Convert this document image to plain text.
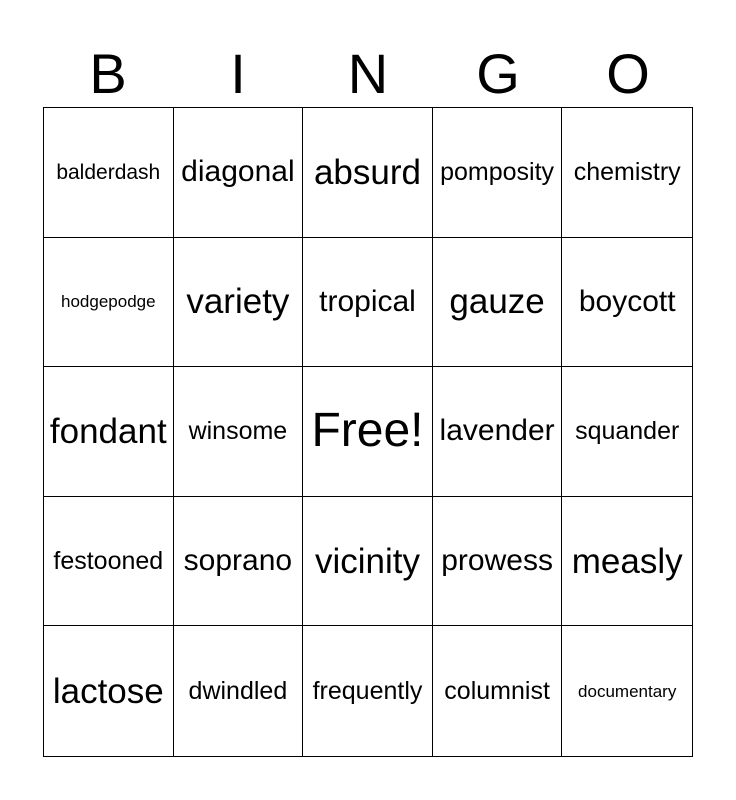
B	I	N	G	O
balderdash diagonal absurd pomposity chemistry
hodgepodge variety tropical gauze	boycott
fondant winsome Free! lavender squander
festooned soprano vicinity prowess measly
lactose dwindled	frequently columnist	documentary
